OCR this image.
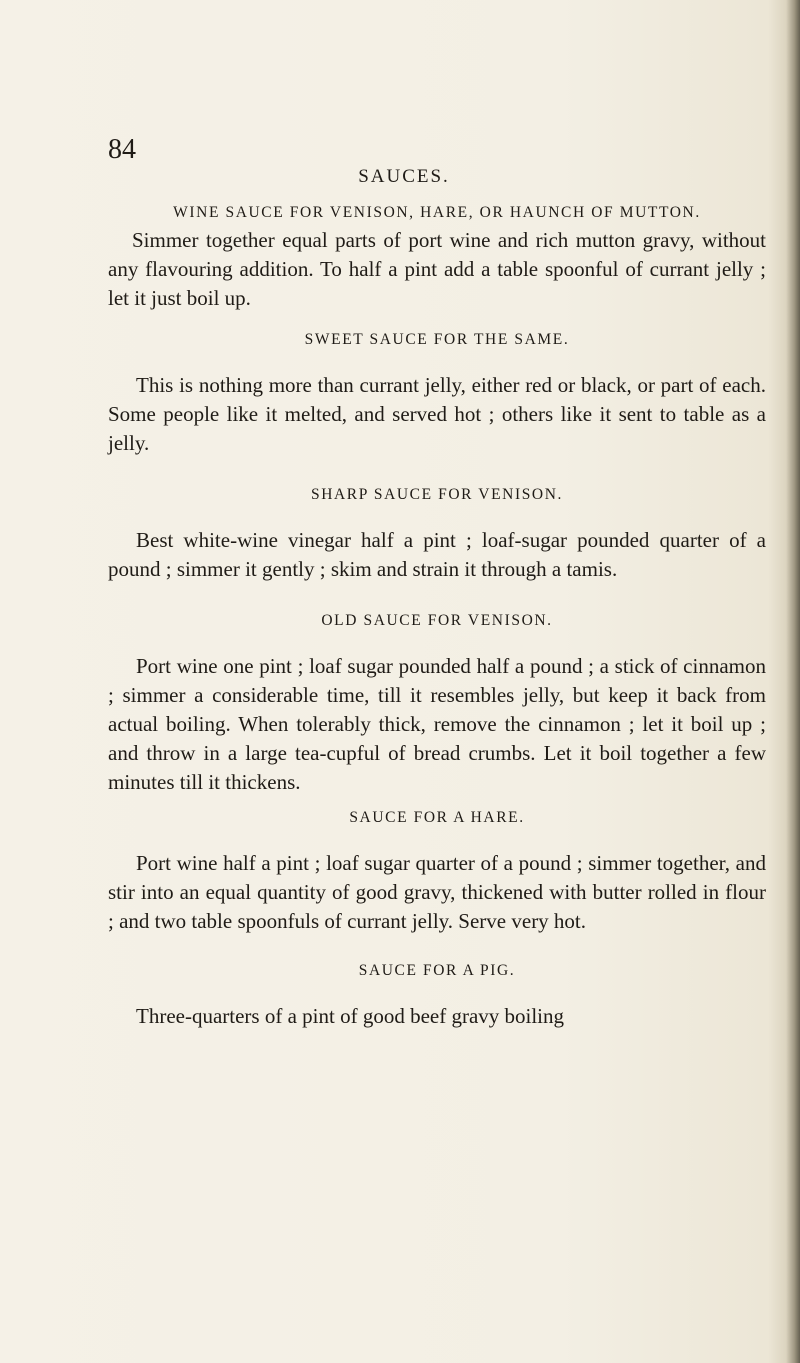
84
SAUCES.

WINE SAUCE FOR VENISON, HARE, OR HAUNCH OF MUTTON.

Simmer together equal parts of port wine and rich mutton gravy, without any flavouring addition. To half a pint add a table spoonful of currant jelly ; let it just boil up.

SWEET SAUCE FOR THE SAME.

This is nothing more than currant jelly, either red or black, or part of each. Some people like it melted, and served hot ; others like it sent to table as a jelly.

SHARP SAUCE FOR VENISON.

Best white-wine vinegar half a pint ; loaf-sugar pounded quarter of a pound ; simmer it gently ; skim and strain it through a tamis.

OLD SAUCE FOR VENISON.

Port wine one pint ; loaf sugar pounded half a pound ; a stick of cinnamon ; simmer a considerable time, till it resembles jelly, but keep it back from actual boiling. When tolerably thick, remove the cinnamon ; let it boil up ; and throw in a large tea-cupful of bread crumbs. Let it boil together a few minutes till it thickens.

SAUCE FOR A HARE.

Port wine half a pint ; loaf sugar quarter of a pound ; simmer together, and stir into an equal quantity of good gravy, thickened with butter rolled in flour ; and two table spoonfuls of currant jelly. Serve very hot.

SAUCE FOR A PIG.

Three-quarters of a pint of good beef gravy boiling
